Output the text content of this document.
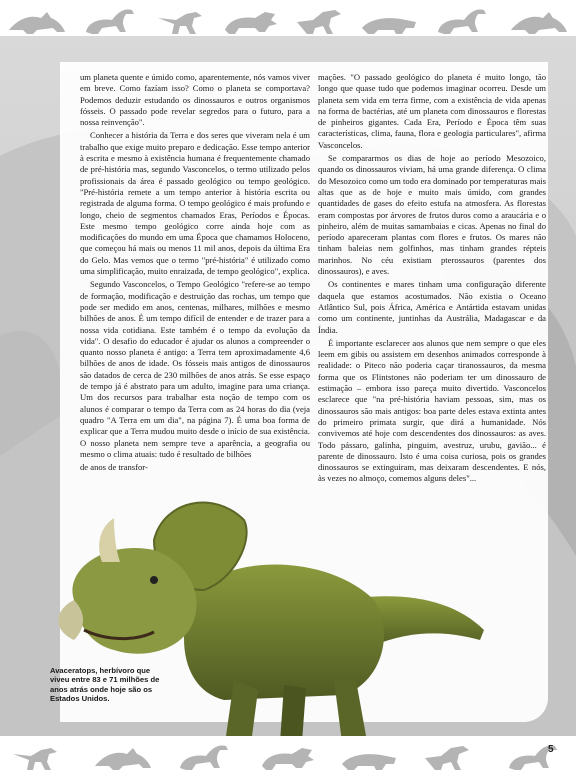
um planeta quente e úmido como, aparentemente, nós vamos viver em breve. Como fazíam isso? Como o planeta se comportava? Podemos deduzir estudando os dinossauros e outros organismos fósseis. O passado pode revelar segredos para o futuro, para a nossa reinvenção".

Conhecer a história da Terra e dos seres que viveram nela é um trabalho que exige muito preparo e dedicação. Esse tempo anterior à escrita e mesmo à existência humana é frequentemente chamado de pré-história mas, segundo Vasconcelos, o termo utilizado pelos profissionais da área é passado geológico ou tempo geológico. "Pré-história remete a um tempo anterior à história escrita ou registrada de alguma forma. O tempo geológico é mais profundo e longo, cheio de segmentos chamados Eras, Períodos e Épocas. Este mesmo tempo geológico corre ainda hoje com as modificações do mundo em uma Época que chamamos Holoceno, que começou há mais ou menos 11 mil anos, depois da última Era do Gelo. Mas vemos que o termo "pré-história" é utilizado como uma simplificação, muito enraizada, de tempo geológico", explica.

Segundo Vasconcelos, o Tempo Geológico "refere-se ao tempo de formação, modificação e destruição das rochas, um tempo que pode ser medido em anos, centenas, milhares, milhões e mesmo bilhões de anos. É um tempo difícil de entender e de trazer para a nossa vida cotidiana. Este também é o tempo da evolução da vida". O desafio do educador é ajudar os alunos a compreender o quanto nosso planeta é antigo: a Terra tem aproximadamente 4,6 bilhões de anos de idade. Os fósseis mais antigos de dinossauros são datados de cerca de 230 milhões de anos atrás. Se esse espaço de tempo já é abstrato para um adulto, imagine para uma criança. Um dos recursos para trabalhar esta noção de tempo com os alunos é comparar o tempo da Terra com as 24 horas do dia (veja quadro "A Terra em um dia", na página 7). É uma boa forma de explicar que a Terra mudou muito desde o início de sua existência. O nosso planeta nem sempre teve a aparência, a geografia ou mesmo o clima atuais: tudo é resultado de bilhões

de anos de transfor-

mações. "O passado geológico do planeta é muito longo, tão longo que quase tudo que podemos imaginar ocorreu. Desde um planeta sem vida em terra firme, com a existência de vida apenas na forma de bactérias, até um planeta com dinossauros e florestas de pinheiros gigantes. Cada Era, Período e Época têm suas características, clima, fauna, flora e geologia particulares", afirma Vasconcelos.

Se compararmos os dias de hoje ao período Mesozoico, quando os dinossauros viviam, há uma grande diferença. O clima do Mesozoico como um todo era dominado por temperaturas mais altas que as de hoje e muito mais úmido, com grandes quantidades de gases do efeito estufa na atmosfera. As florestas eram compostas por árvores de frutos duros como a araucária e o pinheiro, além de muitas samambaias e cicas. Apenas no final do período apareceram plantas com flores e frutos. Os mares não tinham baleias nem golfinhos, mas tinham grandes répteis marinhos. No céu existiam pterossauros (parentes dos dinossauros), e aves.

Os continentes e mares tinham uma configuração diferente daquela que estamos acostumados. Não existia o Oceano Atlântico Sul, pois África, América e Antártida estavam unidas como um continente, juntinhas da Austrália, Madagascar e da Índia.

É importante esclarecer aos alunos que nem sempre o que eles leem em gibis ou assistem em desenhos animados corresponde à realidade: o Piteco não poderia caçar tiranossauros, da mesma forma que os Flintstones não poderiam ter um dinossauro de estimação – embora isso pareça muito divertido. Vasconcelos esclarece que "na pré-história haviam pessoas, sim, mas os dinossauros são mais antigos: boa parte deles estava extinta antes do primeiro primata surgir, que dirá a humanidade. Nós convivemos até hoje com descendentes dos dinossauros: as aves. Todo pássaro, galinha, pinguim, avestruz, urubu, gavião... é parente de dinossauro. Isto é uma coisa curiosa, pois os grandes dinossauros se extinguiram, mas deixaram descendentes. E nós, às vezes no almoço, comemos alguns deles"...

Avaceratops, herbívoro que viveu entre 83 e 71 milhões de anos atrás onde hoje são os Estados Unidos.
5
